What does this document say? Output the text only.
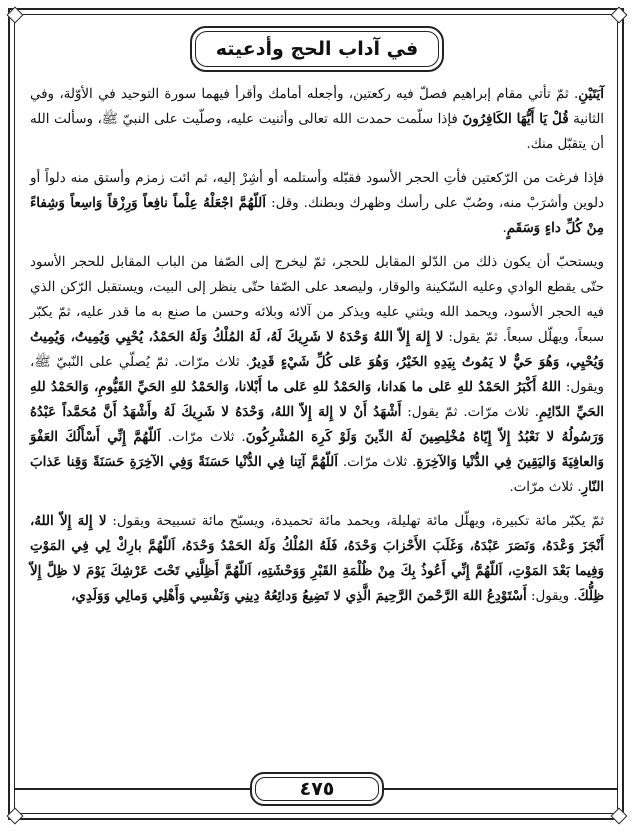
في آداب الحج وأدعيته

آيَتَيْنِ. ثمّ تأتي مقام إبراهيم فصلّ فيه ركعتين، وأجعله أمامك وأقرأ فيهما سورة التوحيد في الأوّلة، وفي الثانية قُلْ يَا أَيُّهَا الكَافِرُونَ فإذا سلّمت حمدت الله تعالى وأثنيت عليه، وصلّيت على النبيّ ﷺ، وسألت الله أن يتقبّل منك.

فإذا فرغت من الرّكعتين فأتِ الحجر الأسود فقبّله وأستلمه أو أشِرْ إليه، ثم ائت زمزم وأستق منه دلواً أو دلوين وأشرَبْ منه، وصُبّ على رأسك وظهرك وبطنك. وقل: اَللّهُمَّ اجْعَلْهُ عِلْماً نافِعاً وَرِزْقاً وَاسِعاً وَشِفاءً مِنْ كُلِّ داءٍ وَسَقَمٍ.

ويستحبّ أن يكون ذلك من الدّلو المقابل للحجر، ثمّ ليخرج إلى الصّفا من الباب المقابل للحجر الأسود حتّى يقطع الوادي وعليه السّكينة والوقار، وليصعد على الصّفا حتّى ينظر إلى البيت، ويستقبل الرّكن الذي فيه الحجر الأسود، ويحمد الله ويثني عليه ويذكر من آلائه وبلائه وحسن ما صنع به ما قدر عليه، ثمّ يكبّر سبعاً، ويهلّل سبعاً. ثمّ يقول: لا إِلهَ إِلاّ اللهُ وَحْدَهُ لا شَرِيكَ لَهُ، لَهُ المُلْكُ وَلَهُ الحَمْدُ، يُحْيِي وَيُمِيتُ، وَيُمِيتُ وَيُحْيِي، وَهُوَ حَيٌّ لا يَمُوتُ بِيَدِهِ الخَيْرُ، وَهُوَ عَلى كُلِّ شَيْءٍ قَدِيرٌ. ثلاث مرّات. ثمّ يُصلّي على النّبيّ ﷺ، ويقول: اللهُ أَكْبَرُ الحَمْدُ للهِ عَلى ما هَدانا، وَالحَمْدُ للهِ عَلى ما أَبْلانا، وَالحَمْدُ للهِ الحَيِّ القَيُّومِ، وَالحَمْدُ للهِ الحَيِّ الدّائِمِ. ثلاث مرّات. ثمّ يقول: أَشْهَدُ أَنْ لا إِلهَ إِلاّ اللهُ، وَحْدَهُ لا شَرِيكَ لَهُ وأَشْهَدُ أَنَّ مُحَمَّداً عَبْدُهُ وَرَسُولُهُ لا نَعْبُدُ إِلاّ إِيّاهُ مُخْلِصِينَ لَهُ الدِّينَ وَلَوْ كَرِهَ المُشْرِكُونَ. ثلاث مرّات. اَللّهُمَّ إِنِّي أَسْأَلُكَ العَفْوَ وَالعافِيَةَ وَاليَقِينَ فِي الدُّنْيا وَالآخِرَةِ. ثلاث مرّات. اَللّهُمَّ آتِنا فِي الدُّنْيا حَسَنَةً وَفِي الآخِرَةِ حَسَنَةً وَقِنا عَذابَ النّارِ. ثلاث مرّات.

ثمّ يكبّر مائة تكبيرة، ويهلّل مائة تهليلة، ويحمد مائة تحميدة، ويسبّح مائة تسبيحة ويقول: لا إِلهَ إِلاّ اللهُ، أَنْجَزَ وَعْدَهُ، وَنَصَرَ عَبْدَهُ، وَغَلَبَ الأَحْزابَ وَحْدَهُ، فَلَهُ المُلْكُ وَلَهُ الحَمْدُ وَحْدَهُ، اَللّهُمَّ بارِكْ لِي فِي المَوْتِ وَفِيما بَعْدَ المَوْتِ، اَللّهُمَّ إِنِّي أَعُوذُ بِكَ مِنْ ظُلْمَةِ القَبْرِ وَوَحْشَتِهِ، اَللّهُمَّ أَظِلَّنِي تَحْتَ عَرْشِكَ يَوْمَ لا ظِلَّ إِلاّ ظِلُّكَ. ويقول: أَسْتَوْدِعُ اللهَ الرَّحْمنَ الرَّحِيمَ الَّذِي لا تَضِيعُ وَدائِعُهُ دِينِي وَنَفْسِي وَأَهْلِي وَمالِي وَوَلَدِي،

٤٧٥
